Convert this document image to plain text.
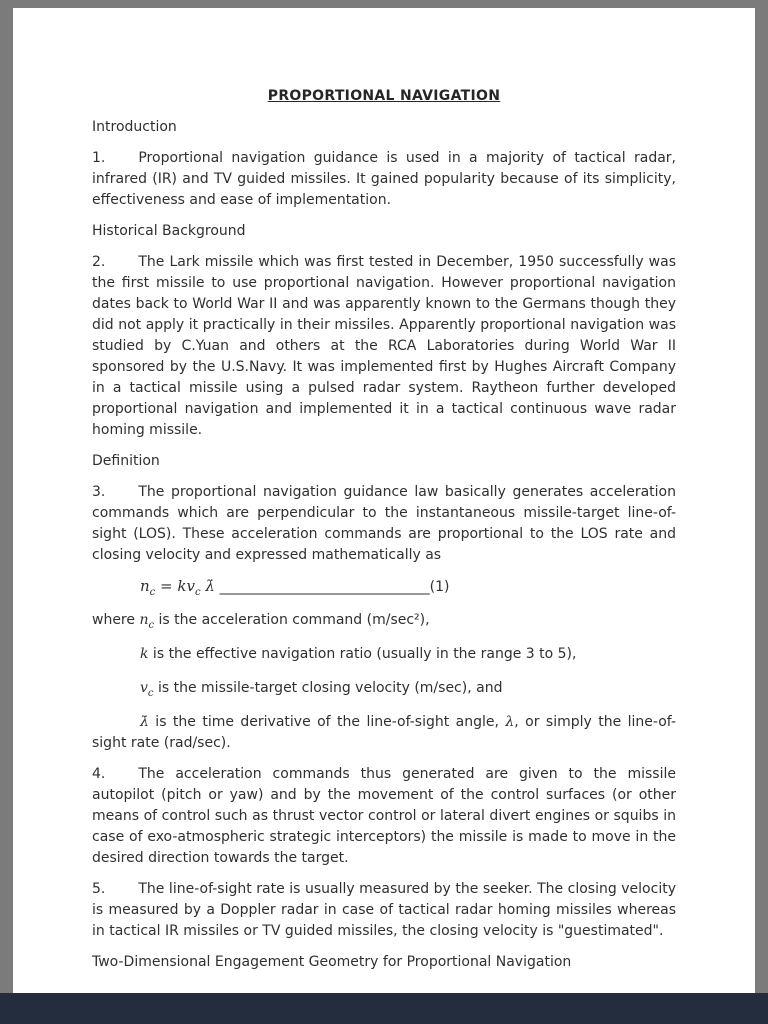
PROPORTIONAL NAVIGATION

Introduction

1. Proportional navigation guidance is used in a majority of tactical radar, infrared (IR) and TV guided missiles. It gained popularity because of its simplicity, effectiveness and ease of implementation.

Historical Background

2. The Lark missile which was first tested in December, 1950 successfully was the first missile to use proportional navigation. However proportional navigation dates back to World War II and was apparently known to the Germans though they did not apply it practically in their missiles. Apparently proportional navigation was studied by C.Yuan and others at the RCA Laboratories during World War II sponsored by the U.S.Navy. It was implemented first by Hughes Aircraft Company in a tactical missile using a pulsed radar system. Raytheon further developed proportional navigation and implemented it in a tactical continuous wave radar homing missile.

Definition

3. The proportional navigation guidance law basically generates acceleration commands which are perpendicular to the instantaneous missile-target line-of-sight (LOS). These acceleration commands are proportional to the LOS rate and closing velocity and expressed mathematically as

$n_c = kv_c$ λ̇ ______________________________(1)

where $n_c$ is the acceleration command (m/sec²),

k is the effective navigation ratio (usually in the range 3 to 5),

$v_c$ is the missile-target closing velocity (m/sec), and

λ̇ is the time derivative of the line-of-sight angle, λ, or simply the line-of-sight rate (rad/sec).

4. The acceleration commands thus generated are given to the missile autopilot (pitch or yaw) and by the movement of the control surfaces (or other means of control such as thrust vector control or lateral divert engines or squibs in case of exo-atmospheric strategic interceptors) the missile is made to move in the desired direction towards the target.

5. The line-of-sight rate is usually measured by the seeker. The closing velocity is measured by a Doppler radar in case of tactical radar homing missiles whereas in tactical IR missiles or TV guided missiles, the closing velocity is "guestimated".

Two-Dimensional Engagement Geometry for Proportional Navigation
